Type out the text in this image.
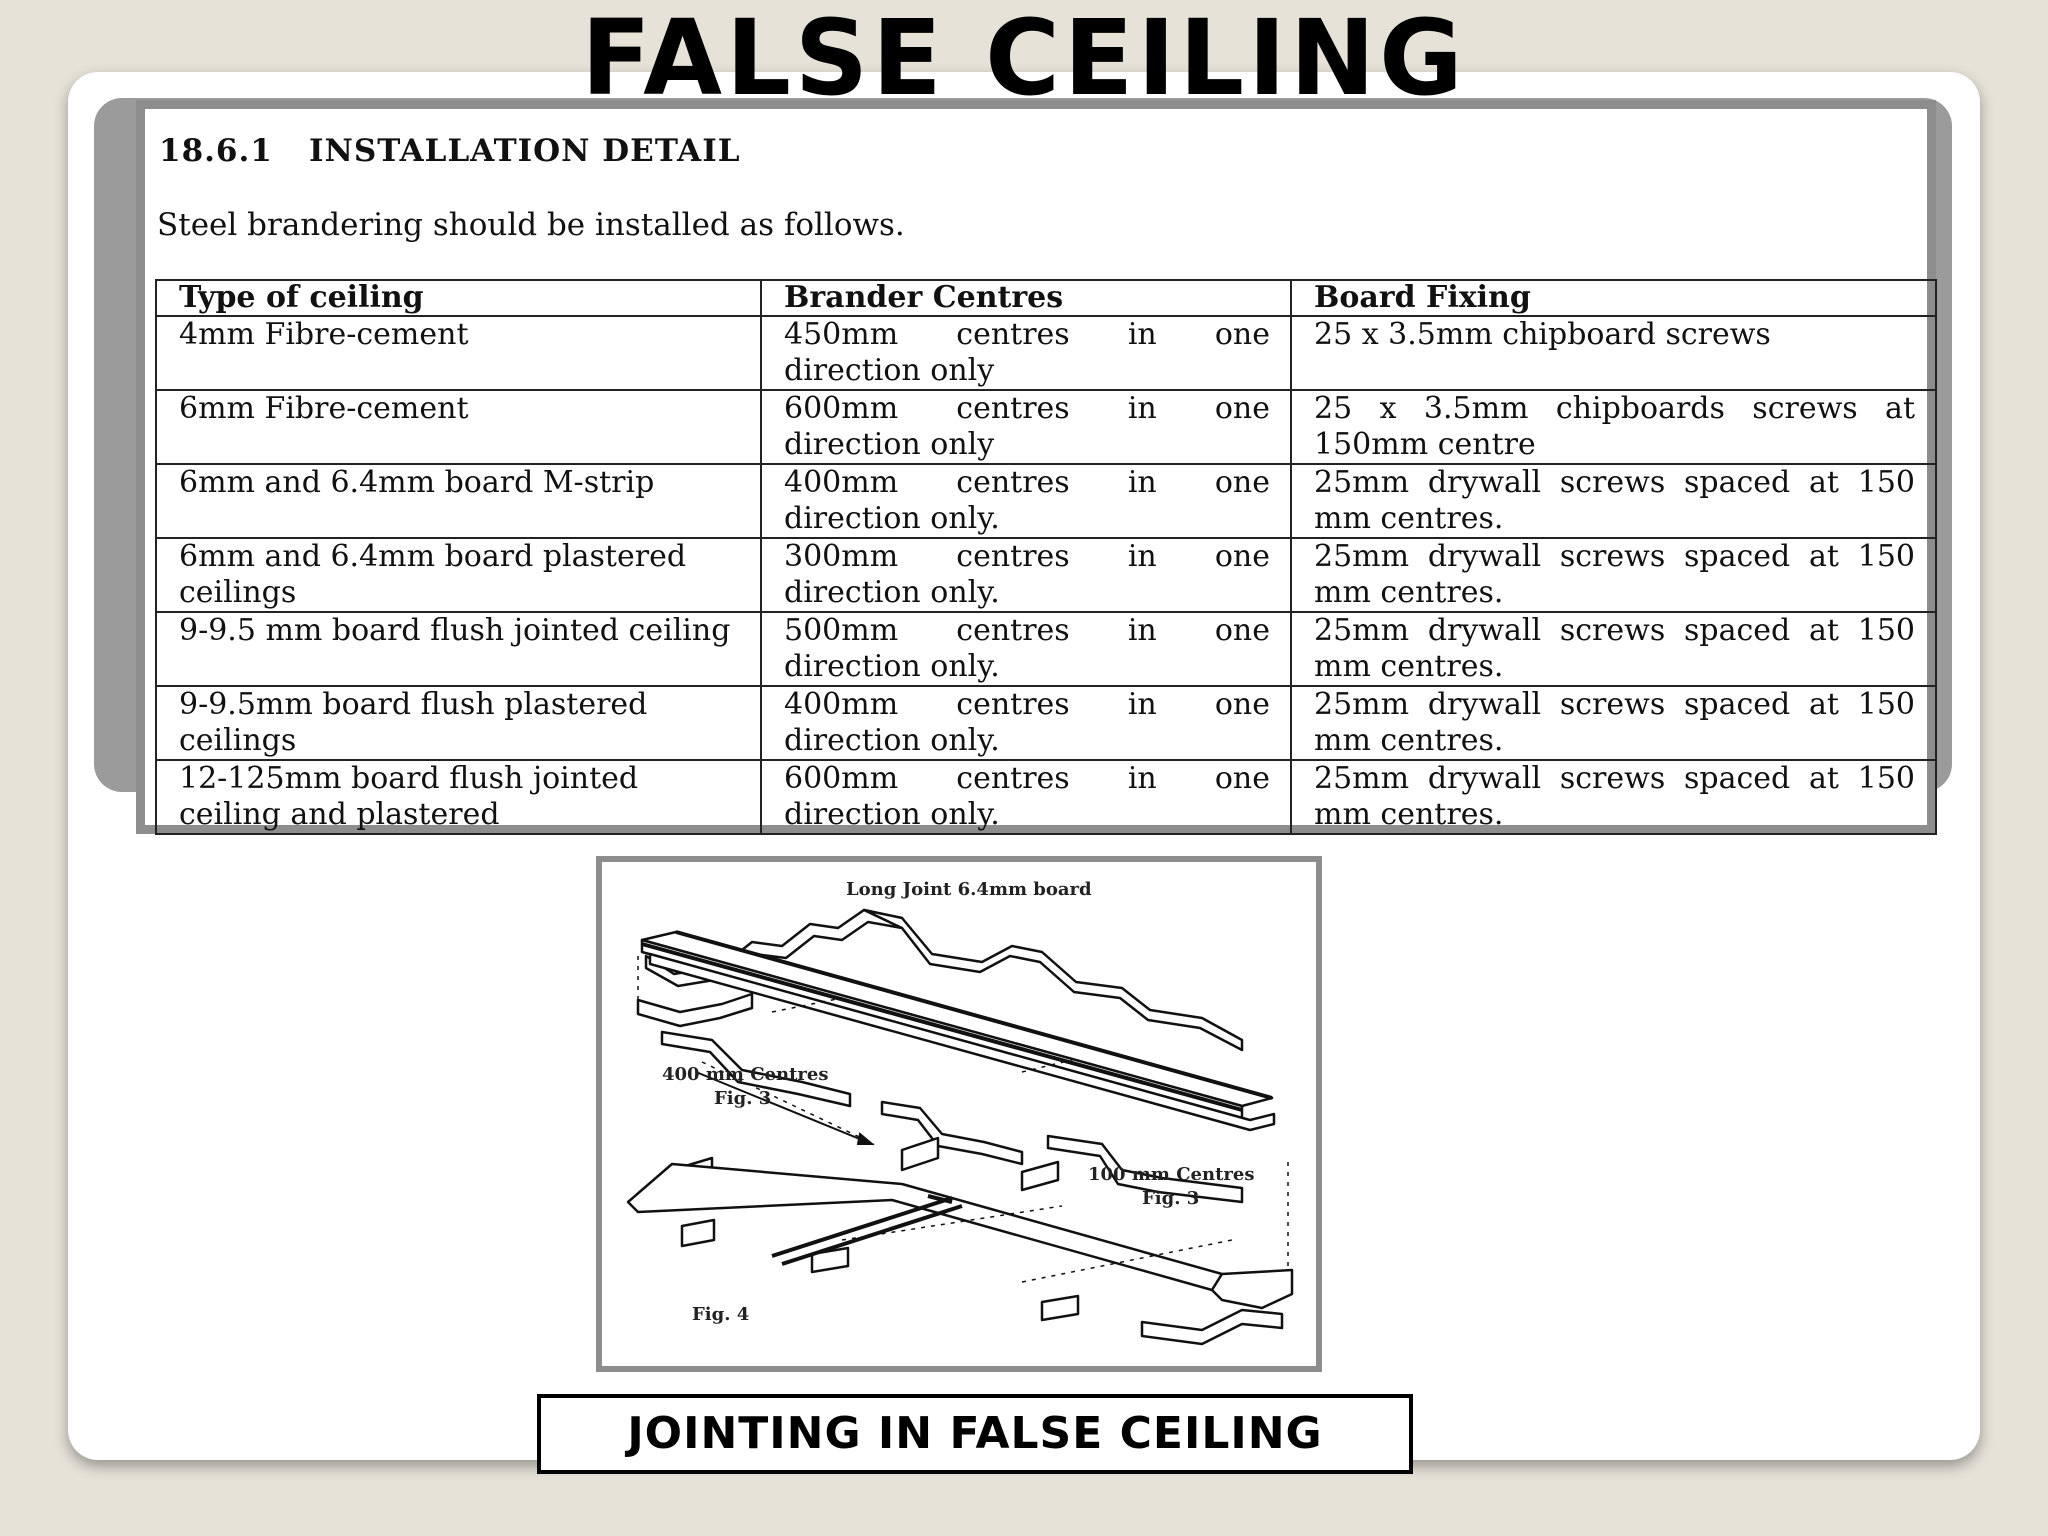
18.6.1 INSTALLATION DETAIL
Steel brandering should be installed as follows.
Type of ceiling	Brander Centres	Board Fixing
4mm Fibre-cement	450mm centres in one direction only	25 x 3.5mm chipboard screws
6mm Fibre-cement	600mm centres in one direction only	25 x 3.5mm chipboards screws at 150mm centre
6mm and 6.4mm board M-strip	400mm centres in one direction only.	25mm drywall screws spaced at 150 mm centres.
6mm and 6.4mm board plastered ceilings	300mm centres in one direction only.	25mm drywall screws spaced at 150 mm centres.
9-9.5 mm board flush jointed ceiling	500mm centres in one direction only.	25mm drywall screws spaced at 150 mm centres.
9-9.5mm board flush plastered ceilings	400mm centres in one direction only.	25mm drywall screws spaced at 150 mm centres.
12-125mm board flush jointed ceiling and plastered	600mm centres in one direction only.	25mm drywall screws spaced at 150 mm centres.
FALSE CEILING
Long Joint 6.4mm board
400 mm Centres
Fig. 3
100 mm Centres
Fig. 3
Fig. 4
JOINTING IN FALSE CEILING
